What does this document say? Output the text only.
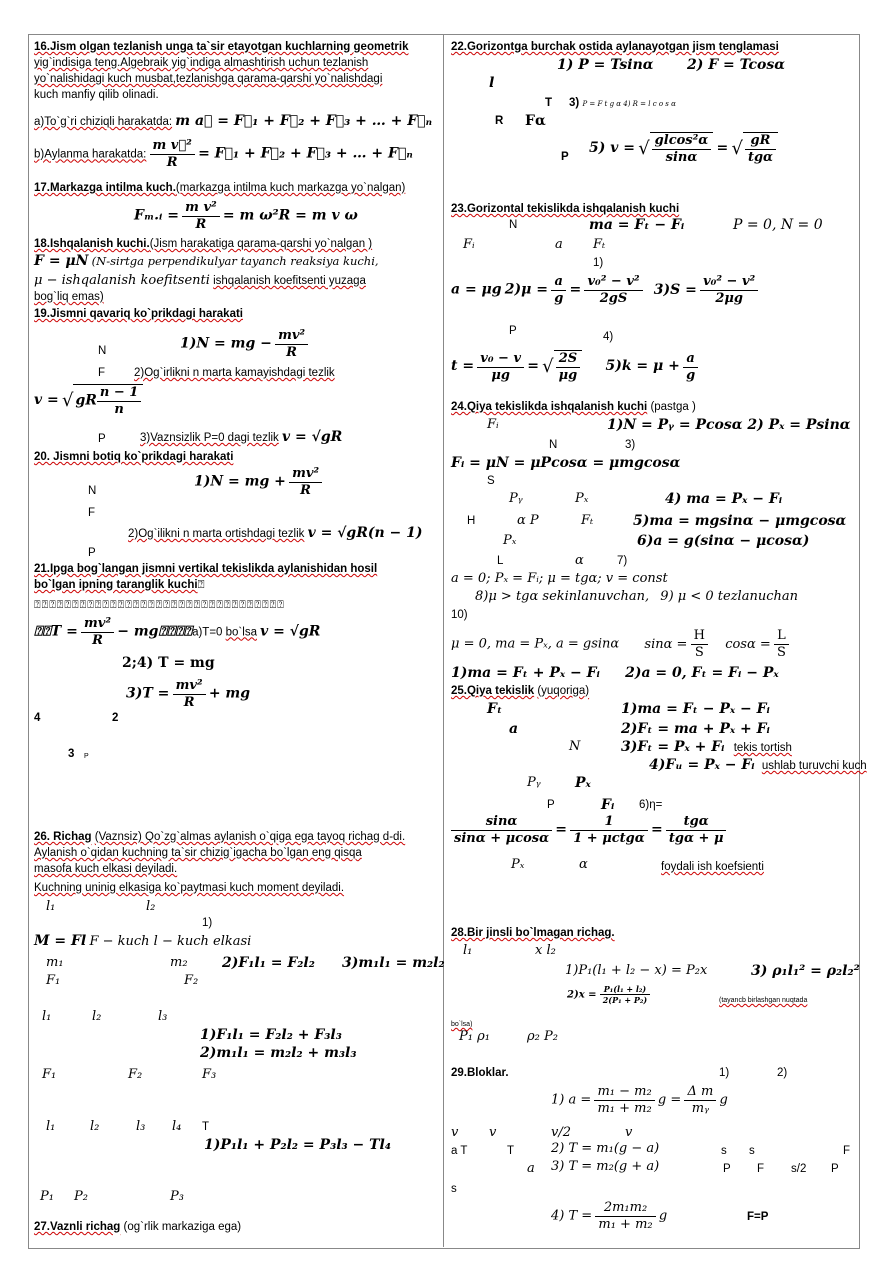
16.Jism olgan tezlanish unga ta`sir etayotgan kuchlarning geometrik
yig`indisiga teng.Algebraik yig`indiga almashtirish uchun tezlanish
yo`nalishidagi kuch musbat,tezlanishga qarama-qarshi yo`nalishdagi
kuch manfiy qilib olinadi.
a)To`g`ri chiziqli harakatda: m a⃗ = F⃗₁ + F⃗₂ + F⃗₃ + … + F⃗ₙ
b)Aylanma harakatda: $\frac{\text{m v⃗²}}{R}$ = F⃗₁ + F⃗₂ + F⃗₃ + … + F⃗ₙ
17.Markazga intilma kuch.(markazga intilma kuch markazga yo`nalgan)
Fₘ.ᵢ = $\frac{\text{m v²}}{R} = m$ ω²R = m v ω
18.Ishqalanish kuchi.(Jism harakatiga qarama-qarshi yo`nalgan )
F = μN (N-sirtga perpendikulyar tayanch reaksiya kuchi,
μ − ishqalanish koefitsenti ishqalanish koefitsenti yuzaga
bog`liq emas)
19.Jismni qavariq ko`prikdagi harakati
N	1)N = mg − $\frac{\text{mv²}}{R}$
F	2)Og`irlikni n marta kamayishdagi tezlik
v = √ gR $\frac{n - 1}{n}$
P	3)Vaznsizlik P=0 dagi tezlik v = √gR
20. Jismni botiq ko`prikdagi harakati
N
1)N = mg + $\frac{\text{mv²}}{R}$
F
2)Og`ilikni n marta ortishdagi tezlik v = √gR(n − 1)
P
21.Ipga bog`langan jismni vertikal tekislikda aylanishidan hosil
bo`lgan ipning taranglik kuchi⍰
⍰⍰⍰⍰⍰⍰⍰⍰⍰⍰⍰⍰⍰⍰⍰⍰⍰⍰⍰⍰⍰⍰⍰⍰⍰⍰⍰⍰⍰⍰⍰⍰⍰
⍰⍰T = $\frac{\text{mv²}}{R}$ − mg⍰⍰⍰⍰a)T=0 bo`lsa v = √gR
2;4) T = mg
$3)T = \frac{\text{mv²}}{R}$ + mg
4	2
3 P
26. Richag (Vaznsiz) Qo`zg`almas aylanish o`qiga ega tayoq richag d-di.
Aylanish o`qidan kuchning ta`sir chizig`igacha bo`lgan eng qisqa
masofa kuch elkasi deyiladi.
Kuchning uninig elkasiga ko`paytmasi kuch moment deyiladi.
l₁	l₂
1)
M = Fl F − kuch l − kuch elkasi
m₁	m₂ 2)F₁l₁ = F₂l₂ 3)m₁l₁ = m₂l₂
F₁	F₂
l₁	l₂	l₃
1)F₁l₁ = F₂l₂ + F₃l₃
2)m₁l₁ = m₂l₂ + m₃l₃
F₁	F₂	F₃
l₁	l₂	l₃ l₄ T
1)P₁l₁ + P₂l₂ = P₃l₃ − Tl₄
P₁ P₂	P₃
27.Vaznli richag (og`rlik markaziga ega)
22.Gorizontga burchak ostida aylanayotgan jism tenglamasi
1) P = Tsinα 2) F = Tcosα
l
T 3) P = F t g α 4) R = l c o s α
R Fα
P
5) v = √ $\frac{\text{glcos²α}}{\sin\alpha}$ = √ $\frac{gR}{\text{tgα}}$
23.Gorizontal tekislikda ishqalanish kuchi
N	ma = Fₜ − Fᵢ	P = 0, N = 0
Fᵢ	a Fₜ
1)
a = μg $2)\mu = \frac{a}{g} = \frac{\text{v₀² − v²}}{2gS} 3)S = \frac{\text{v₀² − v²}}{2\mu g}$
P	4)
$t = \frac{\text{v₀ − v}}{\mu g}$ = √ $\frac{2S}{\mu g} 5)k = \mu + \frac{a}{g}$
24.Qiya tekislikda ishqalanish kuchi (pastga )
Fᵢ	1)N = Pᵧ = Pcosα 2) Pₓ = Psinα
N	3)
Fᵢ = μN = μPcosα = μmgcosα
S
Pᵧ	Pₓ	4) ma = Pₓ − Fᵢ
H	α P	Fₜ	5)ma = mgsinα − μmgcosα
Pₓ	6)a = g(sinα − μcosα)
L	α	7)
a = 0; Pₓ = Fᵢ; μ = tgα; v = const
8)μ > tgα sekinlanuvchan, 9) μ < 0 tezlanuchan
10)
μ = 0, ma = Pₓ, a = gsinα $\sin\alpha = \frac{H}{S}$ $\cos\alpha = \frac{L}{S}$
1)ma = Fₜ + Pₓ − Fᵢ 2)a = 0, Fₜ = Fᵢ − Pₓ
25.Qiya tekislik (yuqoriga)
Fₜ	1)ma = Fₜ − Pₓ − Fᵢ
a	2)Fₜ = ma + Pₓ + Fᵢ
N	3)Fₜ = Pₓ + Fᵢ tekis tortish
4)Fᵤ = Pₓ − Fᵢ ushlab turuvchi kuch
Pᵧ Pₓ
P	Fᵢ 6)η=
$\frac{\sin\alpha}{\sin\alpha + \mu\cos\alpha} = \frac{1}{\text{1 + μctgα}} = \frac{\text{tgα}}{\text{tgα + μ}}$
Pₓ	α	foydali ish koefsienti
28.Bir jinsli bo`lmagan richag.
l₁	x l₂
1)P₁(l₁ + l₂ − x) = P₂x	3) ρ₁l₁² = ρ₂l₂²
$2)x = \frac{\text{P₁(l₁ + l₂)}}{\text{2(P₁ + P₂)}}$	(tayancb birlashgan nuqtada
bo`lsa)
P₁ ρ₁	ρ₂ P₂
29.Bloklar.	1)	2)
1) $a = \frac{\text{m₁ − m₂}}{\text{m₁ + m₂}}$ $g = \frac{\text{Δ m}}{\text{mᵧ}}$ g
v v	v/2	v
a T	T	2) T = m₁(g − a)	s s	F
a 3) T = m₂(g + a)	P F s/2 P
s
4) $T = \frac{\text{2m₁m₂}}{\text{m₁ + m₂}}$ g	F=P
